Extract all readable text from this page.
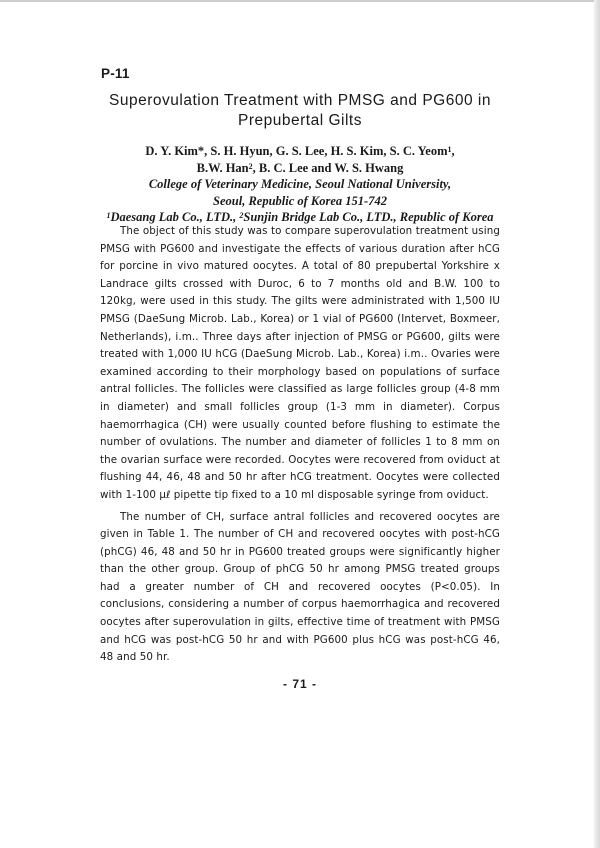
P-11
Superovulation Treatment with PMSG and PG600 in
Prepubertal Gilts
D. Y. Kim*, S. H. Hyun, G. S. Lee, H. S. Kim, S. C. Yeom$^1$,
B.W. Han$^2$, B. C. Lee and W. S. Hwang
College of Veterinary Medicine, Seoul National University,
Seoul, Republic of Korea 151-742
$^1$Daesang Lab Co., LTD., $^2$Sunjin Bridge Lab Co., LTD., Republic of Korea

The object of this study was to compare superovulation treatment using PMSG with PG600 and investigate the effects of various duration after hCG for porcine in vivo matured oocytes. A total of 80 prepubertal Yorkshire x Landrace gilts crossed with Duroc, 6 to 7 months old and B.W. 100 to 120kg, were used in this study. The gilts were administrated with 1,500 IU PMSG (DaeSung Microb. Lab., Korea) or 1 vial of PG600 (Intervet, Boxmeer, Netherlands), i.m.. Three days after injection of PMSG or PG600, gilts were treated with 1,000 IU hCG (DaeSung Microb. Lab., Korea) i.m.. Ovaries were examined according to their morphology based on populations of surface antral follicles. The follicles were classified as large follicles group (4-8 mm in diameter) and small follicles group (1-3 mm in diameter). Corpus haemorrhagica (CH) were usually counted before flushing to estimate the number of ovulations. The number and diameter of follicles 1 to 8 mm on the ovarian surface were recorded. Oocytes were recovered from oviduct at flushing 44, 46, 48 and 50 hr after hCG treatment. Oocytes were collected with 1-100 μℓ pipette tip fixed to a 10 ml disposable syringe from oviduct.

The number of CH, surface antral follicles and recovered oocytes are given in Table 1. The number of CH and recovered oocytes with post-hCG (phCG) 46, 48 and 50 hr in PG600 treated groups were significantly higher than the other group. Group of phCG 50 hr among PMSG treated groups had a greater number of CH and recovered oocytes (P<0.05). In conclusions, considering a number of corpus haemorrhagica and recovered oocytes after superovulation in gilts, effective time of treatment with PMSG and hCG was post-hCG 50 hr and with PG600 plus hCG was post-hCG 46, 48 and 50 hr.

- 71 -
